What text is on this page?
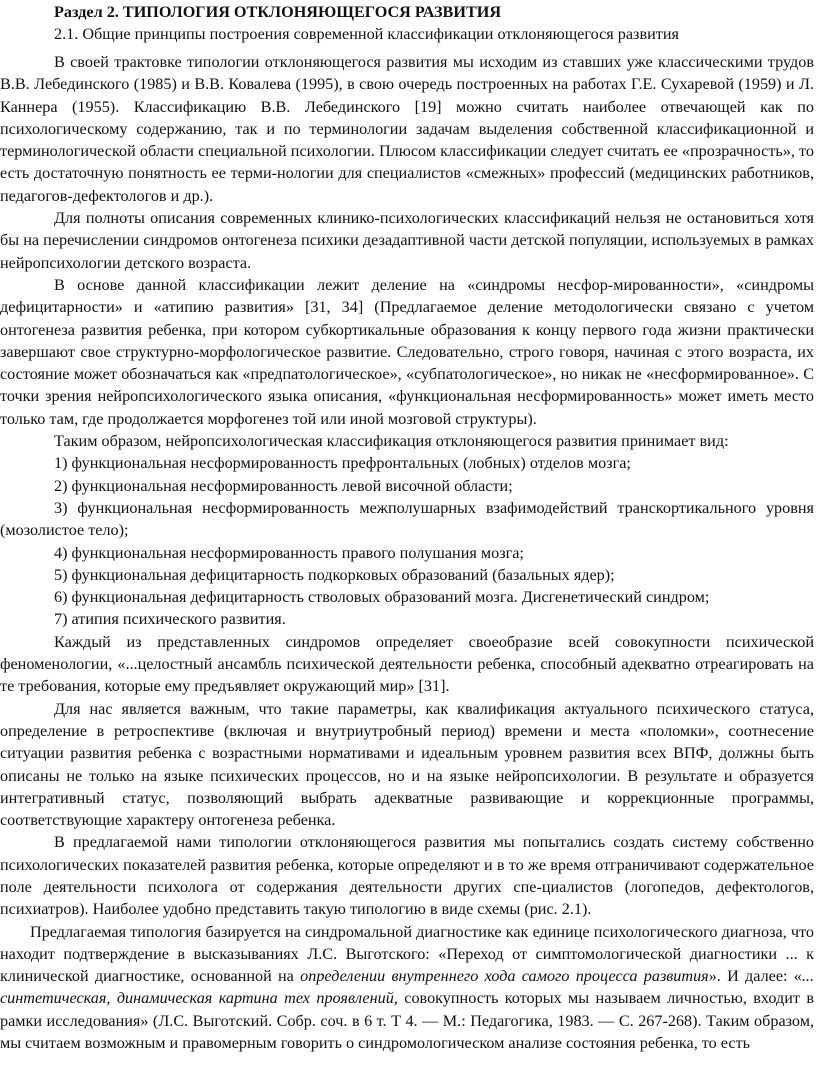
Раздел 2. ТИПОЛОГИЯ ОТКЛОНЯЮЩЕГОСЯ РАЗВИТИЯ

2.1. Общие принципы построения современной классификации отклоняющегося развития

В своей трактовке типологии отклоняющегося развития мы исходим из ставших уже классическими трудов В.В. Лебединского (1985) и В.В. Ковалева (1995), в свою очередь построенных на работах Г.Е. Сухаревой (1959) и Л. Каннера (1955). Классификацию В.В. Лебединского [19] можно считать наиболее отвечающей как по психологическому содержанию, так и по терминологии задачам выделения собственной классификационной и терминологической области специальной психологии. Плюсом классификации следует считать ее «прозрачность», то есть достаточную понятность ее терми-нологии для специалистов «смежных» профессий (медицинских работников, педагогов-дефектологов и др.).

Для полноты описания современных клинико-психологических классификаций нельзя не остановиться хотя бы на перечислении синдромов онтогенеза психики дезадаптивной части детской популяции, используемых в рамках нейропсихологии детского возраста.

В основе данной классификации лежит деление на «синдромы несфор-мированности», «синдромы дефицитарности» и «атипию развития» [31, 34] (Предлагаемое деление методологически связано с учетом онтогенеза развития ребенка, при котором субкортикальные образования к концу первого года жизни практически завершают свое структурно-морфологическое развитие. Следовательно, строго говоря, начиная с этого возраста, их состояние может обозначаться как «предпатологическое», «субпатологическое», но никак не «несформированное». С точки зрения нейропсихологического языка описания, «функциональная несформированность» может иметь место только там, где продолжается морфогенез той или иной мозговой структуры).

Таким образом, нейропсихологическая классификация отклоняющегося развития принимает вид:

1) функциональная несформированность префронтальных (лобных) отделов мозга;

2) функциональная несформированность левой височной области;

3) функциональная несформированность межполушарных взафимодействий транскортикального уровня (мозолистое тело);

4) функциональная несформированность правого полушания мозга;

5) функциональная дефицитарность подкорковых образований (базальных ядер);

6) функциональная дефицитарность стволовых образований мозга. Дисгенетический синдром;

7) атипия психического развития.

Каждый из представленных синдромов определяет своеобразие всей совокупности психической феноменологии, «...целостный ансамбль психической деятельности ребенка, способный адекватно отреагировать на те требования, которые ему предъявляет окружающий мир» [31].

Для нас является важным, что такие параметры, как квалификация актуального психического статуса, определение в ретроспективе (включая и внутриутробный период) времени и места «поломки», соотнесение ситуации развития ребенка с возрастными нормативами и идеальным уровнем развития всех ВПФ, должны быть описаны не только на языке психических процессов, но и на языке нейропсихологии. В результате и образуется интегративный статус, позволяющий выбрать адекватные развивающие и коррекционные программы, соответствующие характеру онтогенеза ребенка.

В предлагаемой нами типологии отклоняющегося развития мы попытались создать систему собственно психологических показателей развития ребенка, которые определяют и в то же время отграничивают содержательное поле деятельности психолога от содержания деятельности других спе-циалистов (логопедов, дефектологов, психиатров). Наиболее удобно представить такую типологию в виде схемы (рис. 2.1).

Предлагаемая типология базируется на синдромальной диагностике как единице психологического диагноза, что находит подтверждение в высказываниях Л.С. Выготского: «Переход от симптомологической диагностики ... к клинической диагностике, основанной на определении внутреннего хода самого процесса развития». И далее: «... синтетическая, динамическая картина тех проявлений, совокупность которых мы называем личностью, входит в рамки исследования» (Л.С. Выготский. Собр. соч. в 6 т. Т 4. — М.: Педагогика, 1983. — С. 267-268). Таким образом, мы считаем возможным и правомерным говорить о синдромологическом анализе состояния ребенка, то есть
